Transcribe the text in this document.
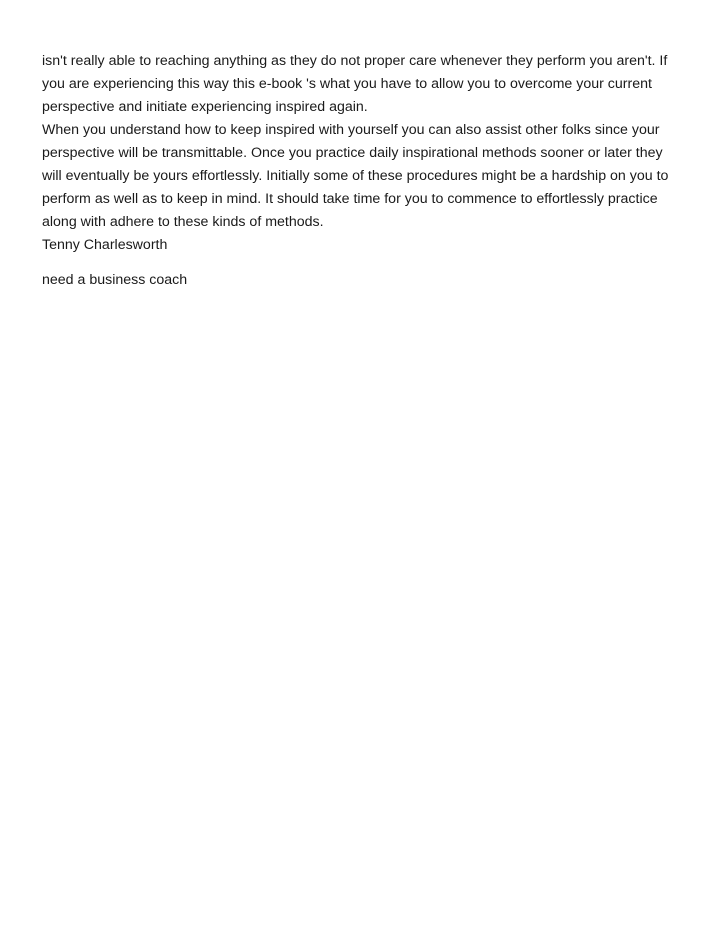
isn't really able to reaching anything as they do not proper care whenever they perform you aren't. If
you are experiencing this way this e-book 's what you have to allow you to overcome your current
perspective and initiate experiencing inspired again.
When you understand how to keep inspired with yourself you can also assist other folks since your
perspective will be transmittable. Once you practice daily inspirational methods sooner or later they
will eventually be yours effortlessly. Initially some of these procedures might be a hardship on you to
perform as well as to keep in mind. It should take time for you to commence to effortlessly practice
along with adhere to these kinds of methods.
Tenny Charlesworth
need a business coach
